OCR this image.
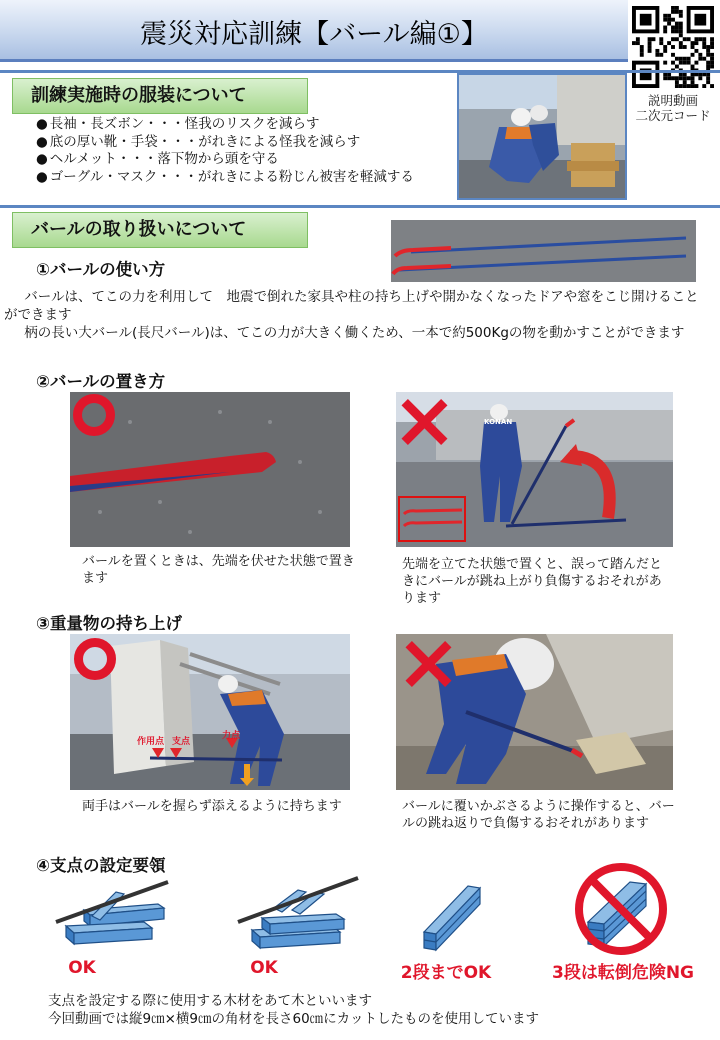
震災対応訓練【バール編①】
説明動画
二次元コード
訓練実施時の服装について
● 長袖・長ズボン・・・怪我のリスクを減らす
● 底の厚い靴・手袋・・・がれきによる怪我を減らす
● ヘルメット・・・落下物から頭を守る
● ゴーグル・マスク・・・がれきによる粉じん被害を軽減する
バールの取り扱いについて
①バールの使い方
バールは、てこの力を利用して　地震で倒れた家具や柱の持ち上げや開かなくなったドアや窓をこじ開けることができます
柄の長い大バール(長尺バール)は、てこの力が大きく働くため、一本で約500Kgの物を動かすことができます
②バールの置き方
バールを置くときは、先端を伏せた状態で置きます
KONAN
先端を立てた状態で置くと、誤って踏んだときにバールが跳ね上がり負傷するおそれがあります
③重量物の持ち上げ
作用点 支点
力点
両手はバールを握らず添えるように持ちます	バールに覆いかぶさるように操作すると、バールの跳ね返りで負傷するおそれがあります
④支点の設定要領
OK	OK	2段までOK	3段は転倒危険NG
支点を設定する際に使用する木材をあて木といいます
今回動画では縦9㎝×横9㎝の角材を長さ60㎝にカットしたものを使用しています
